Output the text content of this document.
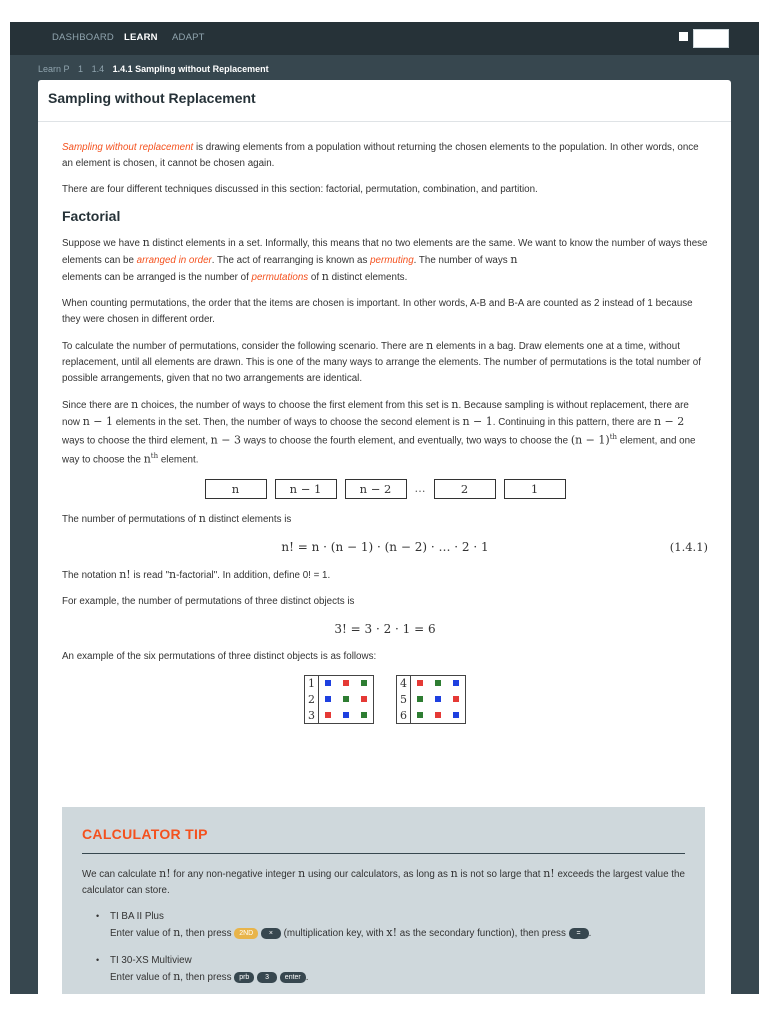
DASHBOARD LEARN ADAPT
Learn P 1 1.4 1.4.1 Sampling without Replacement
Sampling without Replacement

Sampling without replacement is drawing elements from a population without returning the chosen elements to the population. In other words, once an element is chosen, it cannot be chosen again.

There are four different techniques discussed in this section: factorial, permutation, combination, and partition.

Factorial

Suppose we have n distinct elements in a set. Informally, this means that no two elements are the same. We want to know the number of ways these elements can be arranged in order. The act of rearranging is known as permuting. The number of ways n
elements can be arranged is the number of permutations of n distinct elements.

When counting permutations, the order that the items are chosen is important. In other words, A-B and B-A are counted as 2 instead of 1 because they were chosen in different order.

To calculate the number of permutations, consider the following scenario. There are n elements in a bag. Draw elements one at a time, without replacement, until all elements are drawn. This is one of the many ways to arrange the elements. The number of permutations is the total number of possible arrangements, given that no two arrangements are identical.

Since there are n choices, the number of ways to choose the first element from this set is n. Because sampling is without replacement, there are now n − 1 elements in the set. Then, the number of ways to choose the second element is n − 1. Continuing in this pattern, there are n − 2 ways to choose the third element, n − 3 ways to choose the fourth element, and eventually, two ways to choose the $(n - 1)^{th}$ element, and one way to choose the $n^{th}$ element.

n	n − 1	n − 2	…	2	1

The number of permutations of n distinct elements is

n! = n · (n − 1) · (n − 2) · … · 2 · 1	(1.4.1)

The notation n! is read "n-factorial". In addition, define 0! = 1.

For example, the number of permutations of three distinct objects is

3! = 3 · 2 · 1 = 6

An example of the six permutations of three distinct objects is as follows:

1			
2			
3			
4			
5			
6			
CALCULATOR TIP
We can calculate n! for any non-negative integer n using our calculators, as long as n is not so large that n! exceeds the largest value the calculator can store.
• TI BA II Plus
Enter value of n, then press 2ND × (multiplication key, with x! as the secondary function), then press = .
• TI 30-XS Multiview
Enter value of n, then press prb 3 enter .
